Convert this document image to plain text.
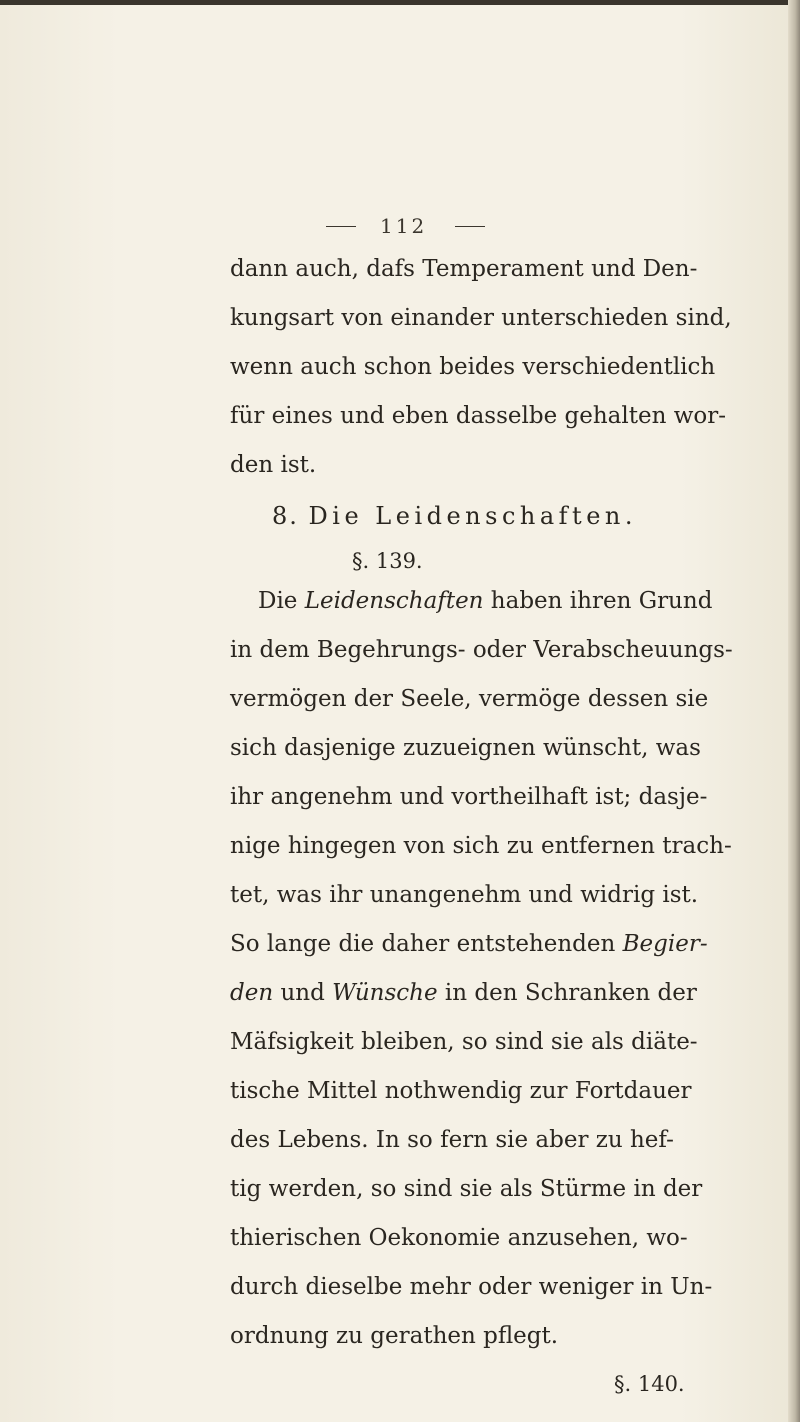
112
dann auch, dafs Temperament und Den-
kungsart von einander unterschieden sind,
wenn auch schon beides verschiedentlich
für eines und eben dasselbe gehalten wor-
den ist.
8. Die Leidenschaften.
§. 139.
Die Leidenschaften haben ihren Grund
in dem Begehrungs- oder Verabscheuungs-
vermögen der Seele, vermöge dessen sie
sich dasjenige zuzueignen wünscht, was
ihr angenehm und vortheilhaft ist; dasje-
nige hingegen von sich zu entfernen trach-
tet, was ihr unangenehm und widrig ist.
So lange die daher entstehenden Begier-
den und Wünsche in den Schranken der
Mäfsigkeit bleiben, so sind sie als diäte-
tische Mittel nothwendig zur Fortdauer
des Lebens. In so fern sie aber zu hef-
tig werden, so sind sie als Stürme in der
thierischen Oekonomie anzusehen, wo-
durch dieselbe mehr oder weniger in Un-
ordnung zu gerathen pflegt.
§. 140.
